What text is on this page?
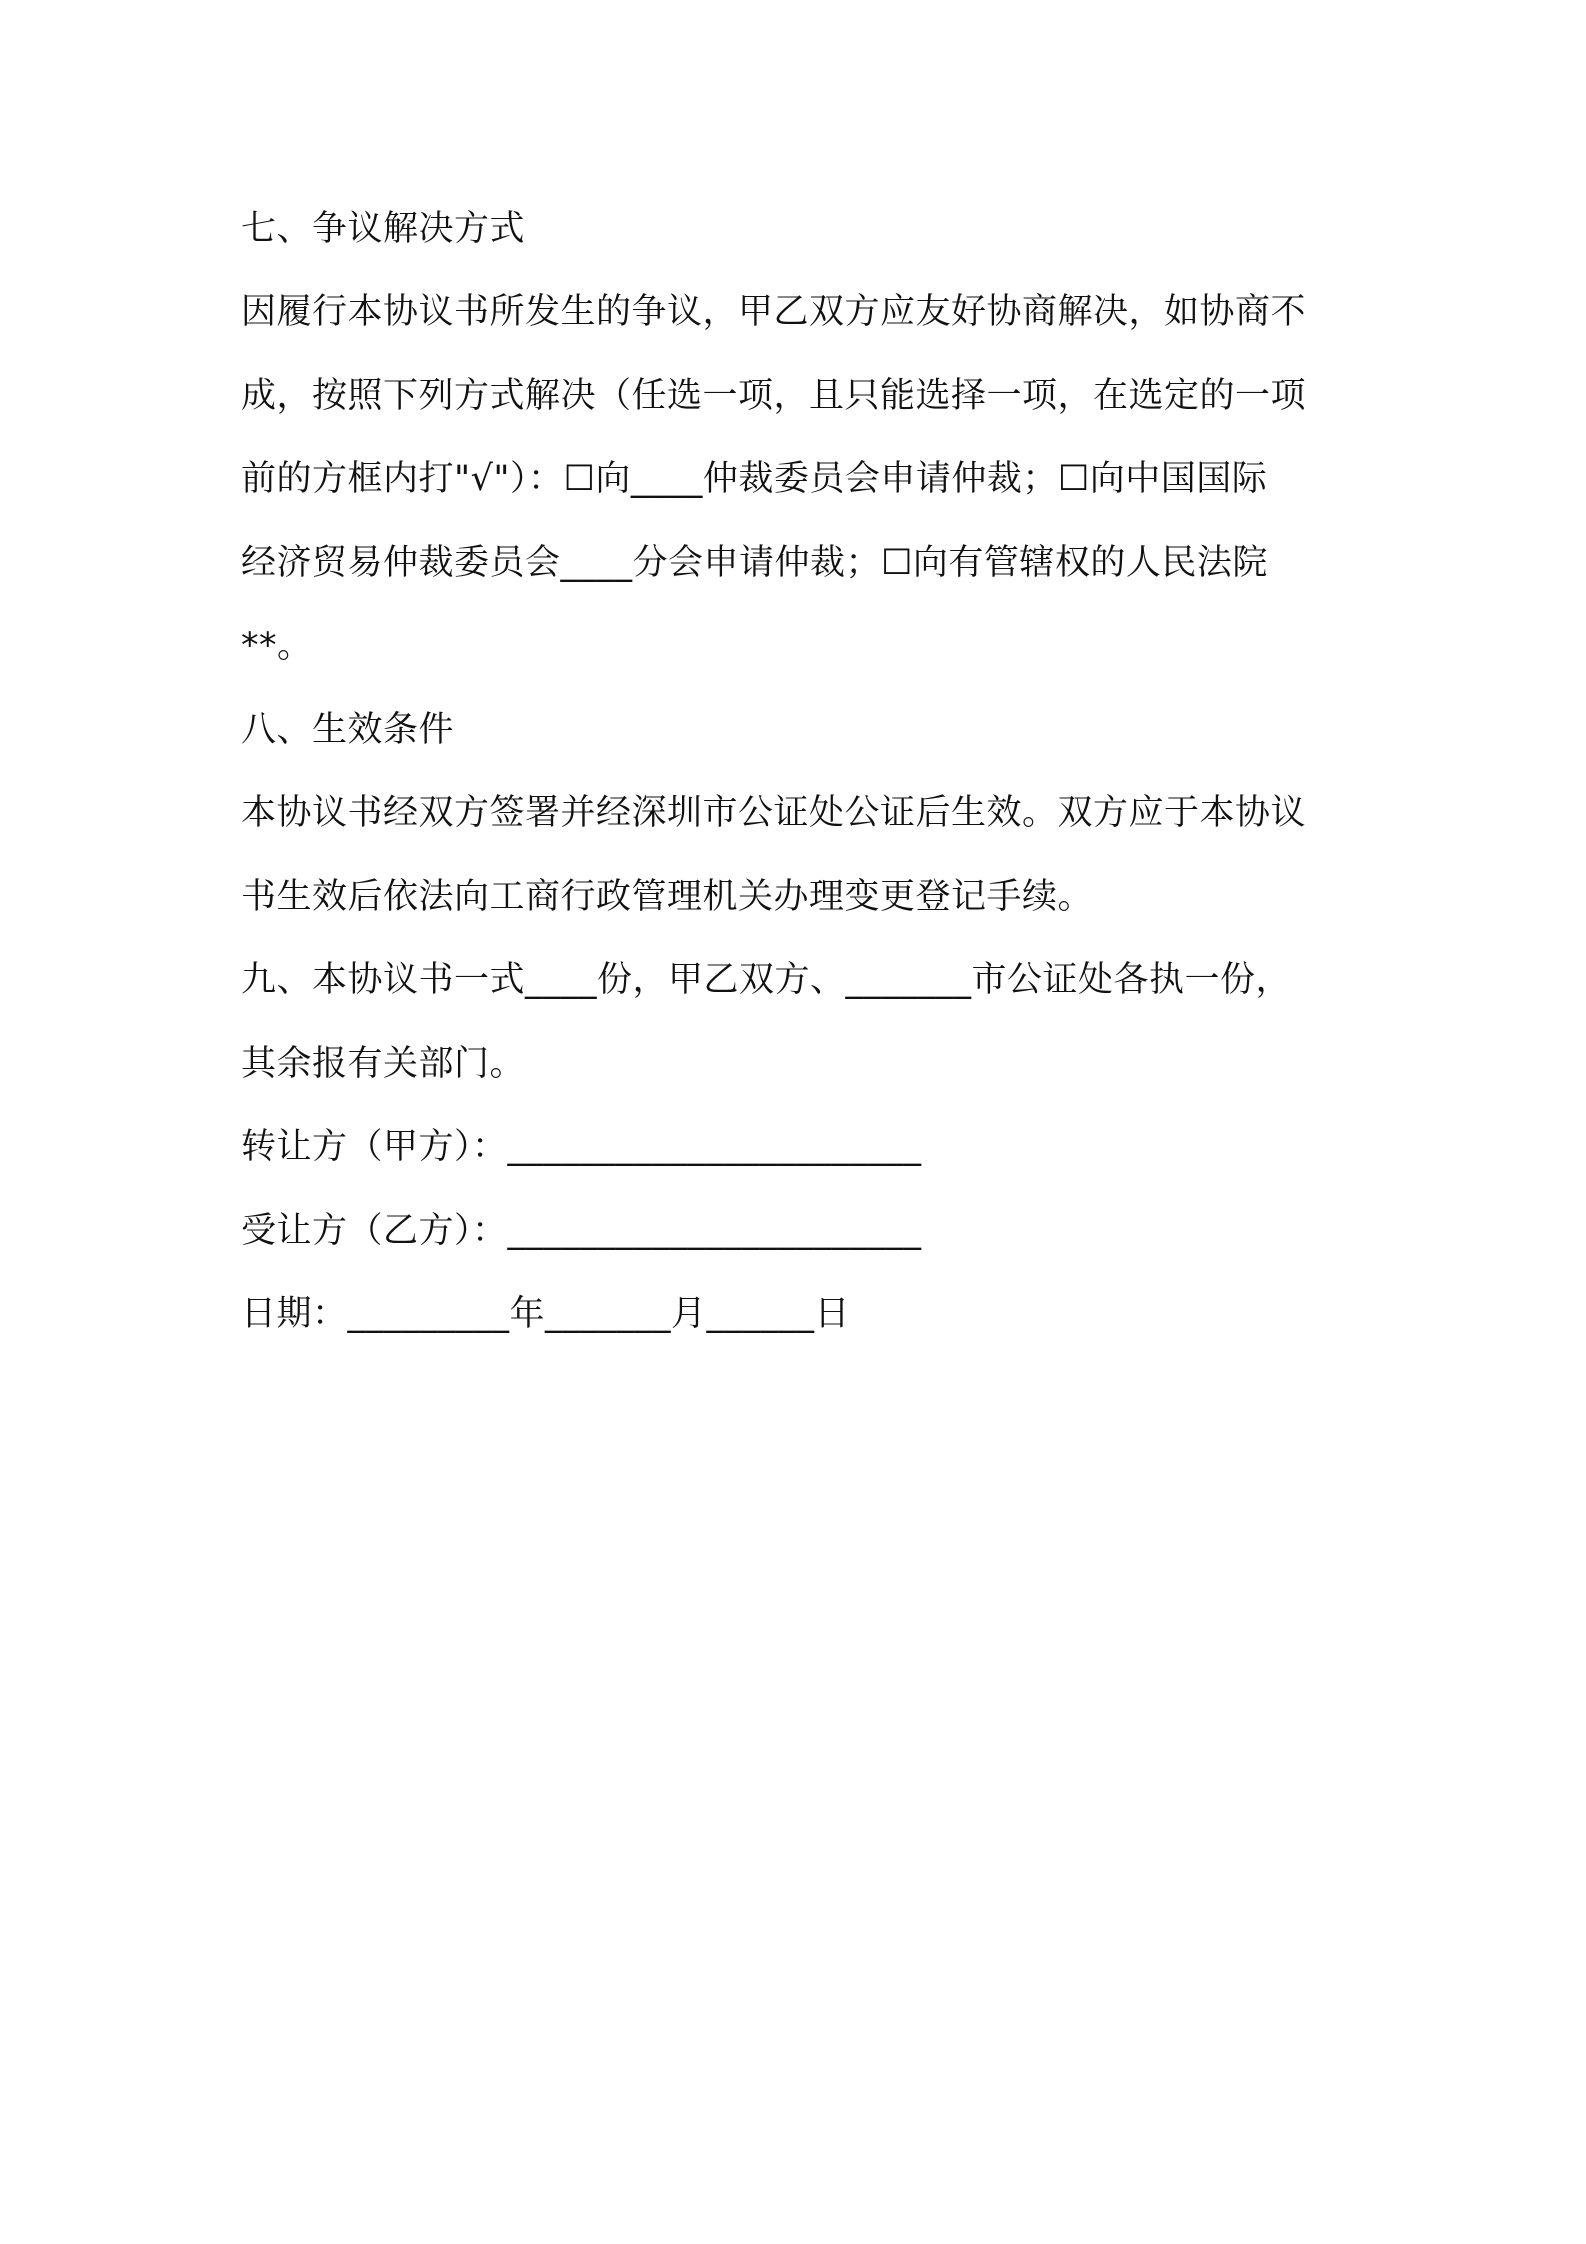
七、争议解决方式
因履行本协议书所发生的争议，甲乙双方应友好协商解决，如协商不
成，按照下列方式解决（任选一项，且只能选择一项，在选定的一项
前的方框内打"√"）：☐向____仲裁委员会申请仲裁；☐向中国国际
经济贸易仲裁委员会____分会申请仲裁；☐向有管辖权的人民法院
**。
八、生效条件
本协议书经双方签署并经深圳市公证处公证后生效。双方应于本协议
书生效后依法向工商行政管理机关办理变更登记手续。
九、本协议书一式____份，甲乙双方、_______市公证处各执一份，
其余报有关部门。
转让方（甲方）：_______________________
受让方（乙方）：_______________________
日期：_________年_______月______日
